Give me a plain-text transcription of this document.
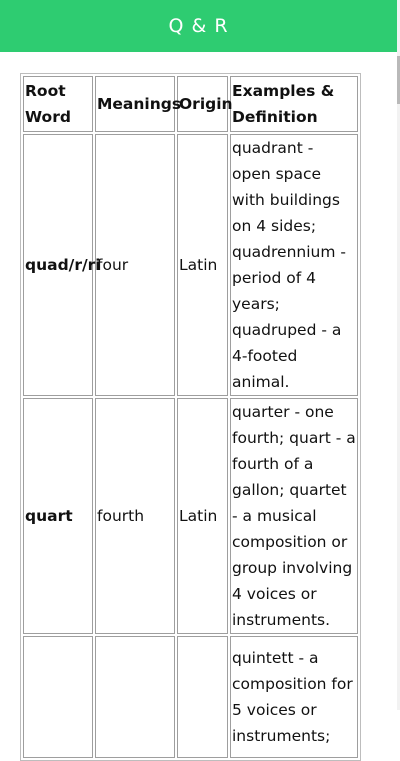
Q & R
Root Word	Meanings	Origin	Examples & Definition
quad/r/ri	four	Latin	quadrant - open space with buildings on 4 sides; quadrennium - period of 4 years; quadruped - a 4-footed animal.
quart	fourth	Latin	quarter - one fourth; quart - a fourth of a gallon; quartet - a musical composition or group involving 4 voices or instruments.
			quintett - a composition for 5 voices or instruments;
